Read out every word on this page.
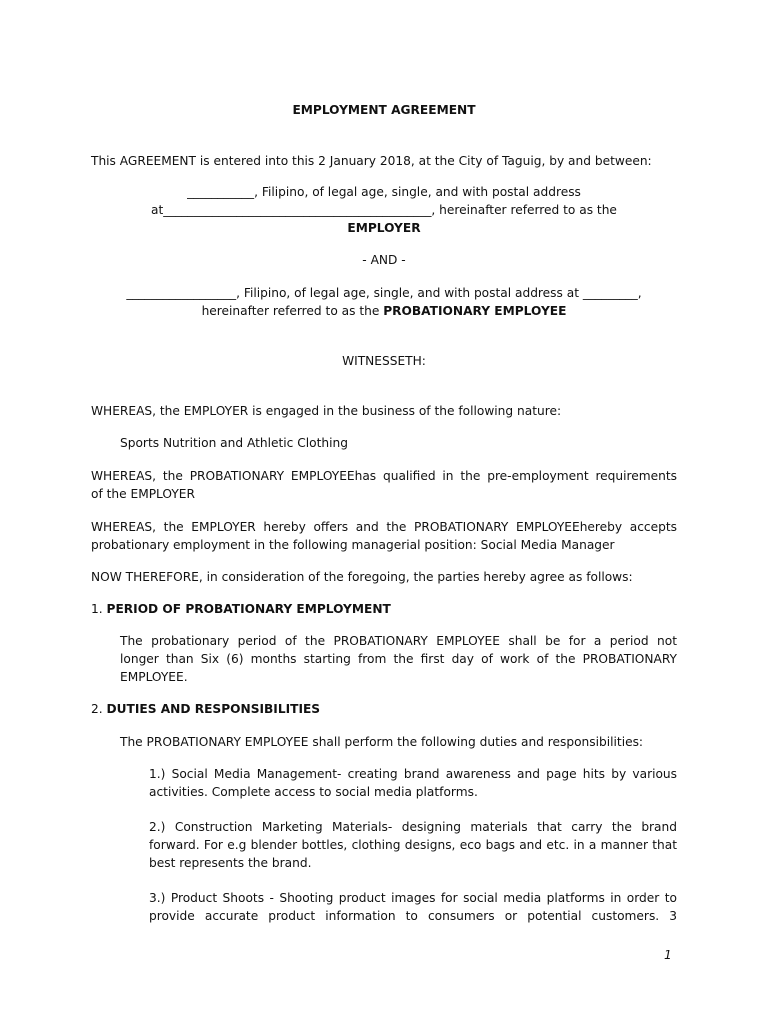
EMPLOYMENT AGREEMENT
This AGREEMENT is entered into this 2 January 2018, at the City of Taguig, by and between:
___________, Filipino, of legal age, single, and with postal address
at____________________________________________, hereinafter referred to as the
EMPLOYER
- AND -
__________________, Filipino, of legal age, single, and with postal address at _________,
hereinafter referred to as the PROBATIONARY EMPLOYEE
WITNESSETH:
WHEREAS, the EMPLOYER is engaged in the business of the following nature:
Sports Nutrition and Athletic Clothing
WHEREAS, the PROBATIONARY EMPLOYEEhas qualified in the pre-employment requirements
of the EMPLOYER
WHEREAS, the EMPLOYER hereby offers and the PROBATIONARY EMPLOYEEhereby accepts
probationary employment in the following managerial position: Social Media Manager
NOW THEREFORE, in consideration of the foregoing, the parties hereby agree as follows:
1. PERIOD OF PROBATIONARY EMPLOYMENT
The probationary period of the PROBATIONARY EMPLOYEE shall be for a period not
longer than Six (6) months starting from the first day of work of the PROBATIONARY
EMPLOYEE.
2. DUTIES AND RESPONSIBILITIES
The PROBATIONARY EMPLOYEE shall perform the following duties and responsibilities:
1.) Social Media Management- creating brand awareness and page hits by various
activities. Complete access to social media platforms.
2.) Construction Marketing Materials- designing materials that carry the brand
forward. For e.g blender bottles, clothing designs, eco bags and etc. in a manner that
best represents the brand.
3.) Product Shoots - Shooting product images for social media platforms in order to
provide accurate product information to consumers or potential customers. 3
1
